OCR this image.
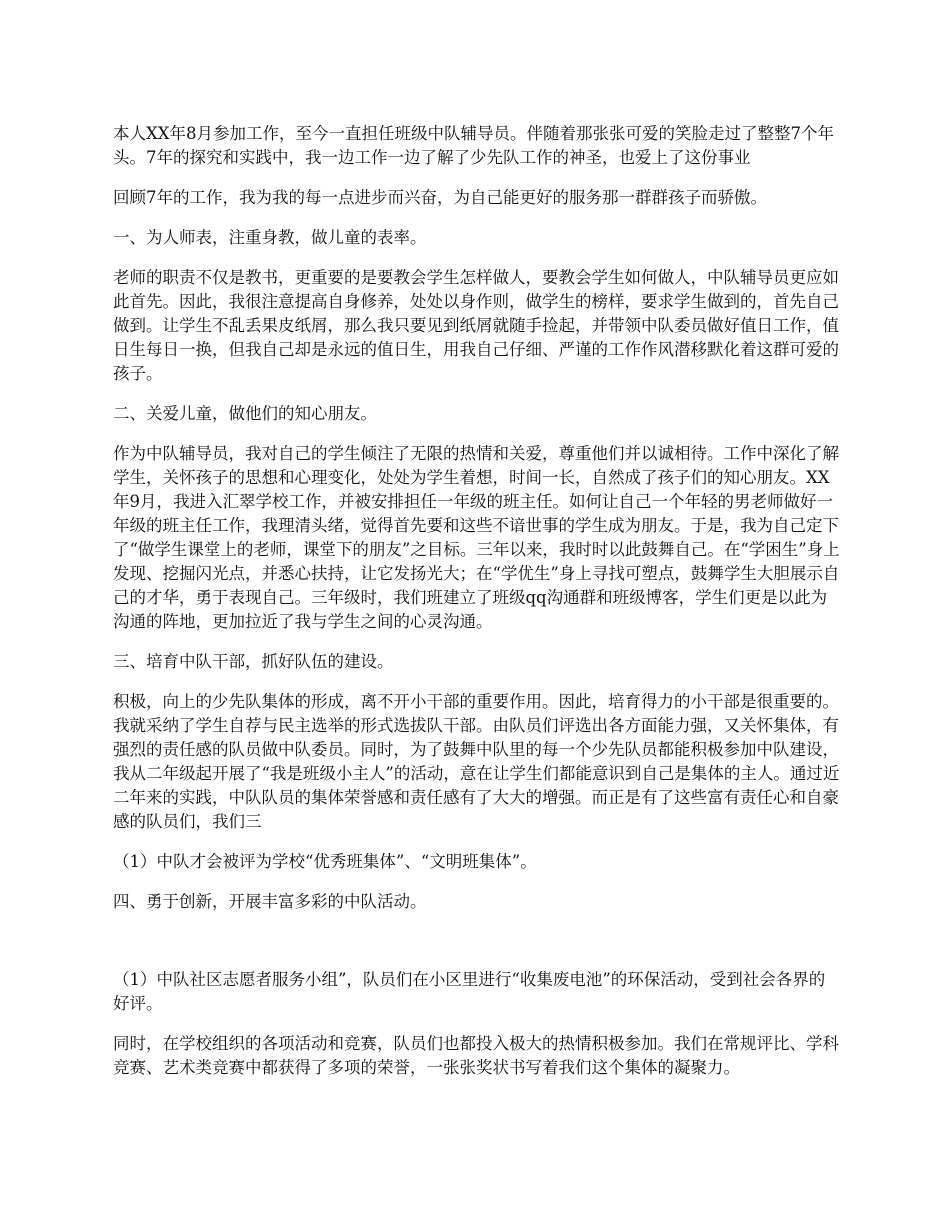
本人XX年8月参加工作，至今一直担任班级中队辅导员。伴随着那张张可爱的笑脸走过了整整7个年头。7年的探究和实践中，我一边工作一边了解了少先队工作的神圣，也爱上了这份事业

回顾7年的工作，我为我的每一点进步而兴奋，为自己能更好的服务那一群群孩子而骄傲。

一、为人师表，注重身教，做儿童的表率。

老师的职责不仅是教书，更重要的是要教会学生怎样做人，要教会学生如何做人，中队辅导员更应如此首先。因此，我很注意提高自身修养，处处以身作则，做学生的榜样，要求学生做到的，首先自己做到。让学生不乱丢果皮纸屑，那么我只要见到纸屑就随手捡起，并带领中队委员做好值日工作，值日生每日一换，但我自己却是永远的值日生，用我自己仔细、严谨的工作作风潜移默化着这群可爱的孩子。

二、关爱儿童，做他们的知心朋友。

作为中队辅导员，我对自己的学生倾注了无限的热情和关爱，尊重他们并以诚相待。工作中深化了解学生，关怀孩子的思想和心理变化，处处为学生着想，时间一长，自然成了孩子们的知心朋友。XX年9月，我进入汇翠学校工作，并被安排担任一年级的班主任。如何让自己一个年轻的男老师做好一年级的班主任工作，我理清头绪，觉得首先要和这些不谙世事的学生成为朋友。于是，我为自己定下了“做学生课堂上的老师，课堂下的朋友”之目标。三年以来，我时时以此鼓舞自己。在“学困生”身上发现、挖掘闪光点，并悉心扶持，让它发扬光大；在“学优生”身上寻找可塑点，鼓舞学生大胆展示自己的才华，勇于表现自己。三年级时，我们班建立了班级qq沟通群和班级博客，学生们更是以此为沟通的阵地，更加拉近了我与学生之间的心灵沟通。

三、培育中队干部，抓好队伍的建设。

积极，向上的少先队集体的形成，离不开小干部的重要作用。因此，培育得力的小干部是很重要的。我就采纳了学生自荐与民主选举的形式选拔队干部。由队员们评选出各方面能力强，又关怀集体，有强烈的责任感的队员做中队委员。同时，为了鼓舞中队里的每一个少先队员都能积极参加中队建设，我从二年级起开展了“我是班级小主人”的活动，意在让学生们都能意识到自己是集体的主人。通过近二年来的实践，中队队员的集体荣誉感和责任感有了大大的增强。而正是有了这些富有责任心和自豪感的队员们，我们三

（1）中队才会被评为学校“优秀班集体”、“文明班集体”。

四、勇于创新，开展丰富多彩的中队活动。

（1）中队社区志愿者服务小组”，队员们在小区里进行“收集废电池”的环保活动，受到社会各界的好评。

同时，在学校组织的各项活动和竞赛，队员们也都投入极大的热情积极参加。我们在常规评比、学科竞赛、艺术类竞赛中都获得了多项的荣誉，一张张奖状书写着我们这个集体的凝聚力。
